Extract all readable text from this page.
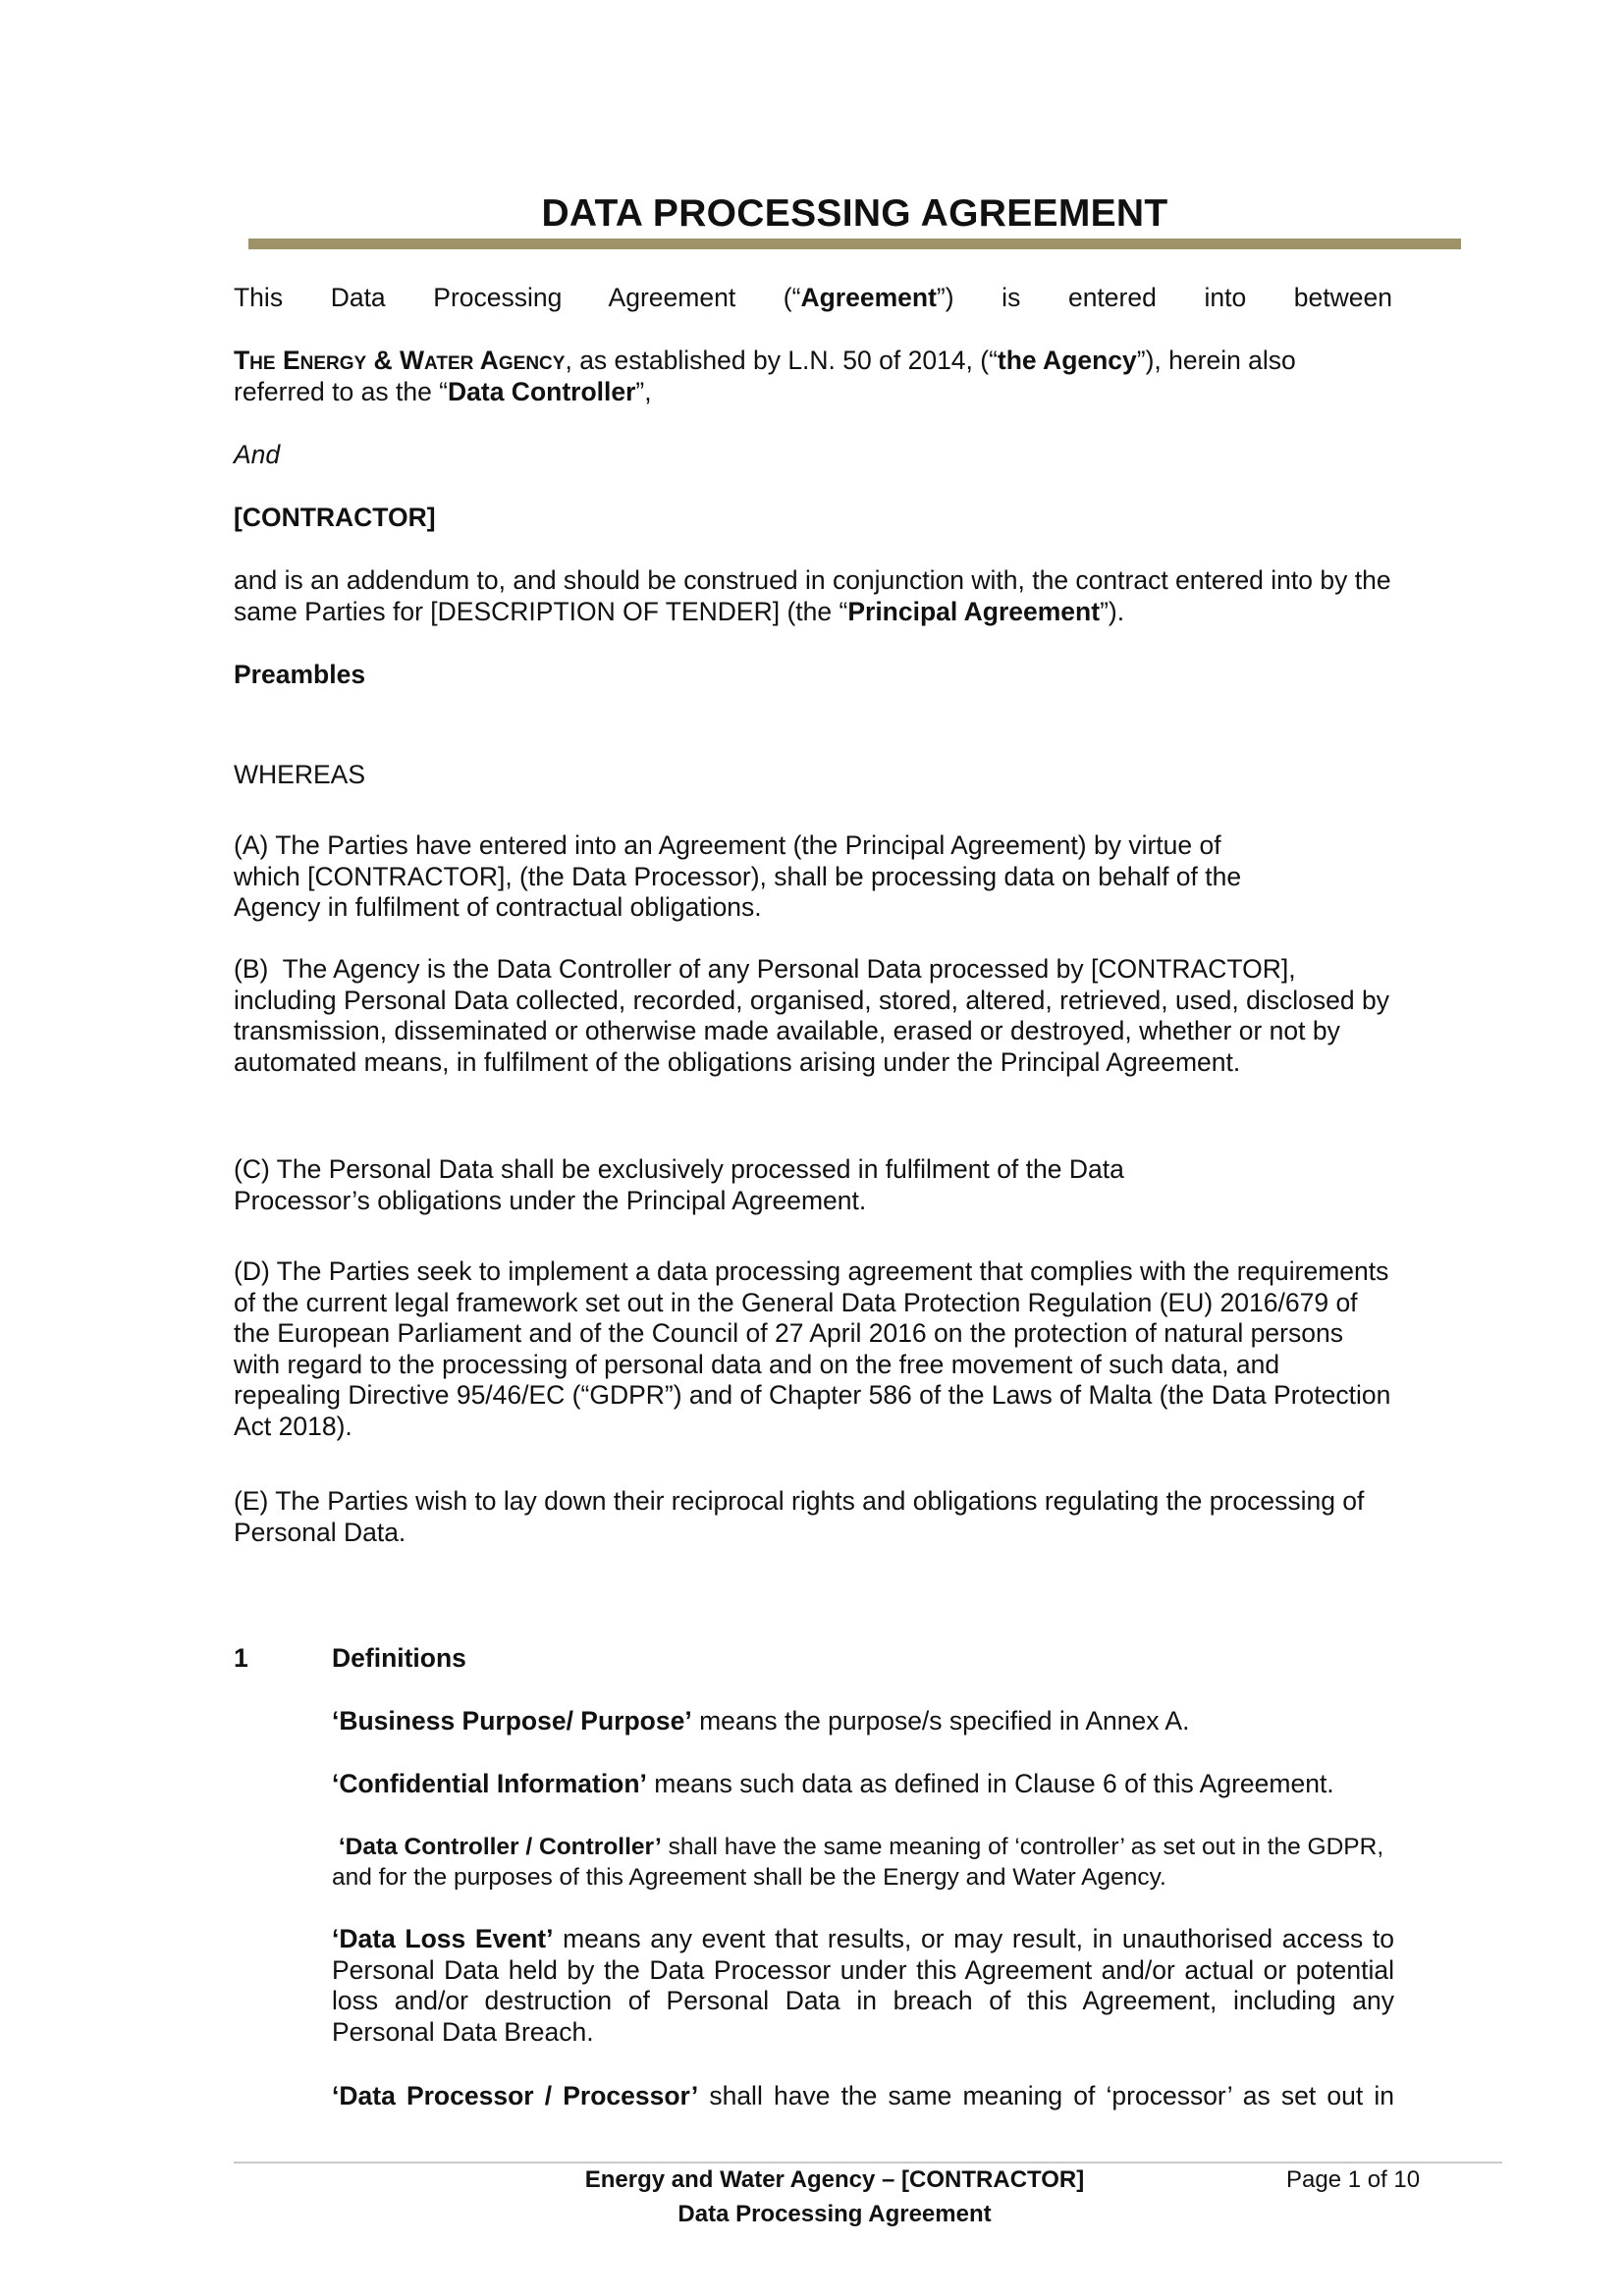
DATA PROCESSING AGREEMENT
This Data Processing Agreement (“Agreement”) is entered into between
The Energy & Water Agency, as established by L.N. 50 of 2014, (“the Agency”), herein also referred to as the “Data Controller”,
And
[CONTRACTOR]
and is an addendum to, and should be construed in conjunction with, the contract entered into by the same Parties for [DESCRIPTION OF TENDER] (the “Principal Agreement”).
Preambles
WHEREAS
(A) The Parties have entered into an Agreement (the Principal Agreement) by virtue of which [CONTRACTOR], (the Data Processor), shall be processing data on behalf of the Agency in fulfilment of contractual obligations.
(B)  The Agency is the Data Controller of any Personal Data processed by [CONTRACTOR], including Personal Data collected, recorded, organised, stored, altered, retrieved, used, disclosed by transmission, disseminated or otherwise made available, erased or destroyed, whether or not by automated means, in fulfilment of the obligations arising under the Principal Agreement.
(C) The Personal Data shall be exclusively processed in fulfilment of the Data Processor’s obligations under the Principal Agreement.
(D) The Parties seek to implement a data processing agreement that complies with the requirements of the current legal framework set out in the General Data Protection Regulation (EU) 2016/679 of the European Parliament and of the Council of 27 April 2016 on the protection of natural persons with regard to the processing of personal data and on the free movement of such data, and repealing Directive 95/46/EC (“GDPR”) and of Chapter 586 of the Laws of Malta (the Data Protection Act 2018).
(E) The Parties wish to lay down their reciprocal rights and obligations regulating the processing of Personal Data.
1	Definitions
‘Business Purpose/ Purpose’ means the purpose/s specified in Annex A.
‘Confidential Information’ means such data as defined in Clause 6 of this Agreement.
‘Data Controller / Controller’ shall have the same meaning of ‘controller’ as set out in the GDPR, and for the purposes of this Agreement shall be the Energy and Water Agency.
‘Data Loss Event’ means any event that results, or may result, in unauthorised access to Personal Data held by the Data Processor under this Agreement and/or actual or potential loss and/or destruction of Personal Data in breach of this Agreement, including any Personal Data Breach.
‘Data Processor / Processor’ shall have the same meaning of ‘processor’ as set out in
Energy and Water Agency – [CONTRACTOR]
Data Processing Agreement
Page 1 of 10
